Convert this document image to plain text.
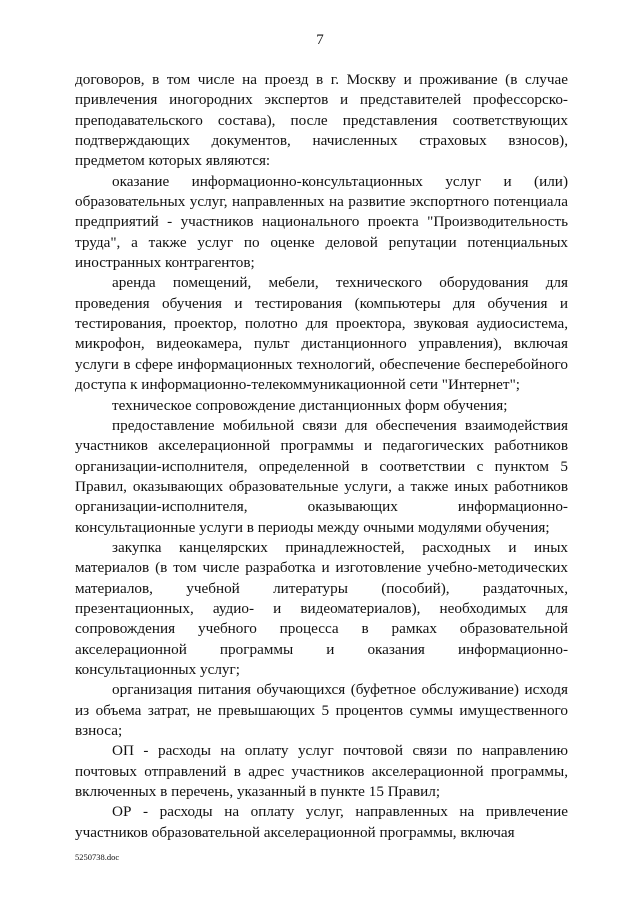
7

договоров, в том числе на проезд в г. Москву и проживание (в случае привлечения иногородних экспертов и представителей профессорско-преподавательского состава), после представления соответствующих подтверждающих документов, начисленных страховых взносов), предметом которых являются:

оказание информационно-консультационных услуг и (или) образовательных услуг, направленных на развитие экспортного потенциала предприятий - участников национального проекта "Производительность труда", а также услуг по оценке деловой репутации потенциальных иностранных контрагентов;

аренда помещений, мебели, технического оборудования для проведения обучения и тестирования (компьютеры для обучения и тестирования, проектор, полотно для проектора, звуковая аудиосистема, микрофон, видеокамера, пульт дистанционного управления), включая услуги в сфере информационных технологий, обеспечение бесперебойного доступа к информационно-телекоммуникационной сети "Интернет";

техническое сопровождение дистанционных форм обучения;

предоставление мобильной связи для обеспечения взаимодействия участников акселерационной программы и педагогических работников организации-исполнителя, определенной в соответствии с пунктом 5 Правил, оказывающих образовательные услуги, а также иных работников организации-исполнителя, оказывающих информационно-консультационные услуги в периоды между очными модулями обучения;

закупка канцелярских принадлежностей, расходных и иных материалов (в том числе разработка и изготовление учебно-методических материалов, учебной литературы (пособий), раздаточных, презентационных, аудио- и видеоматериалов), необходимых для сопровождения учебного процесса в рамках образовательной акселерационной программы и оказания информационно-консультационных услуг;

организация питания обучающихся (буфетное обслуживание) исходя из объема затрат, не превышающих 5 процентов суммы имущественного взноса;

ОП - расходы на оплату услуг почтовой связи по направлению почтовых отправлений в адрес участников акселерационной программы, включенных в перечень, указанный в пункте 15 Правил;

ОР - расходы на оплату услуг, направленных на привлечение участников образовательной акселерационной программы, включая

5250738.doc
